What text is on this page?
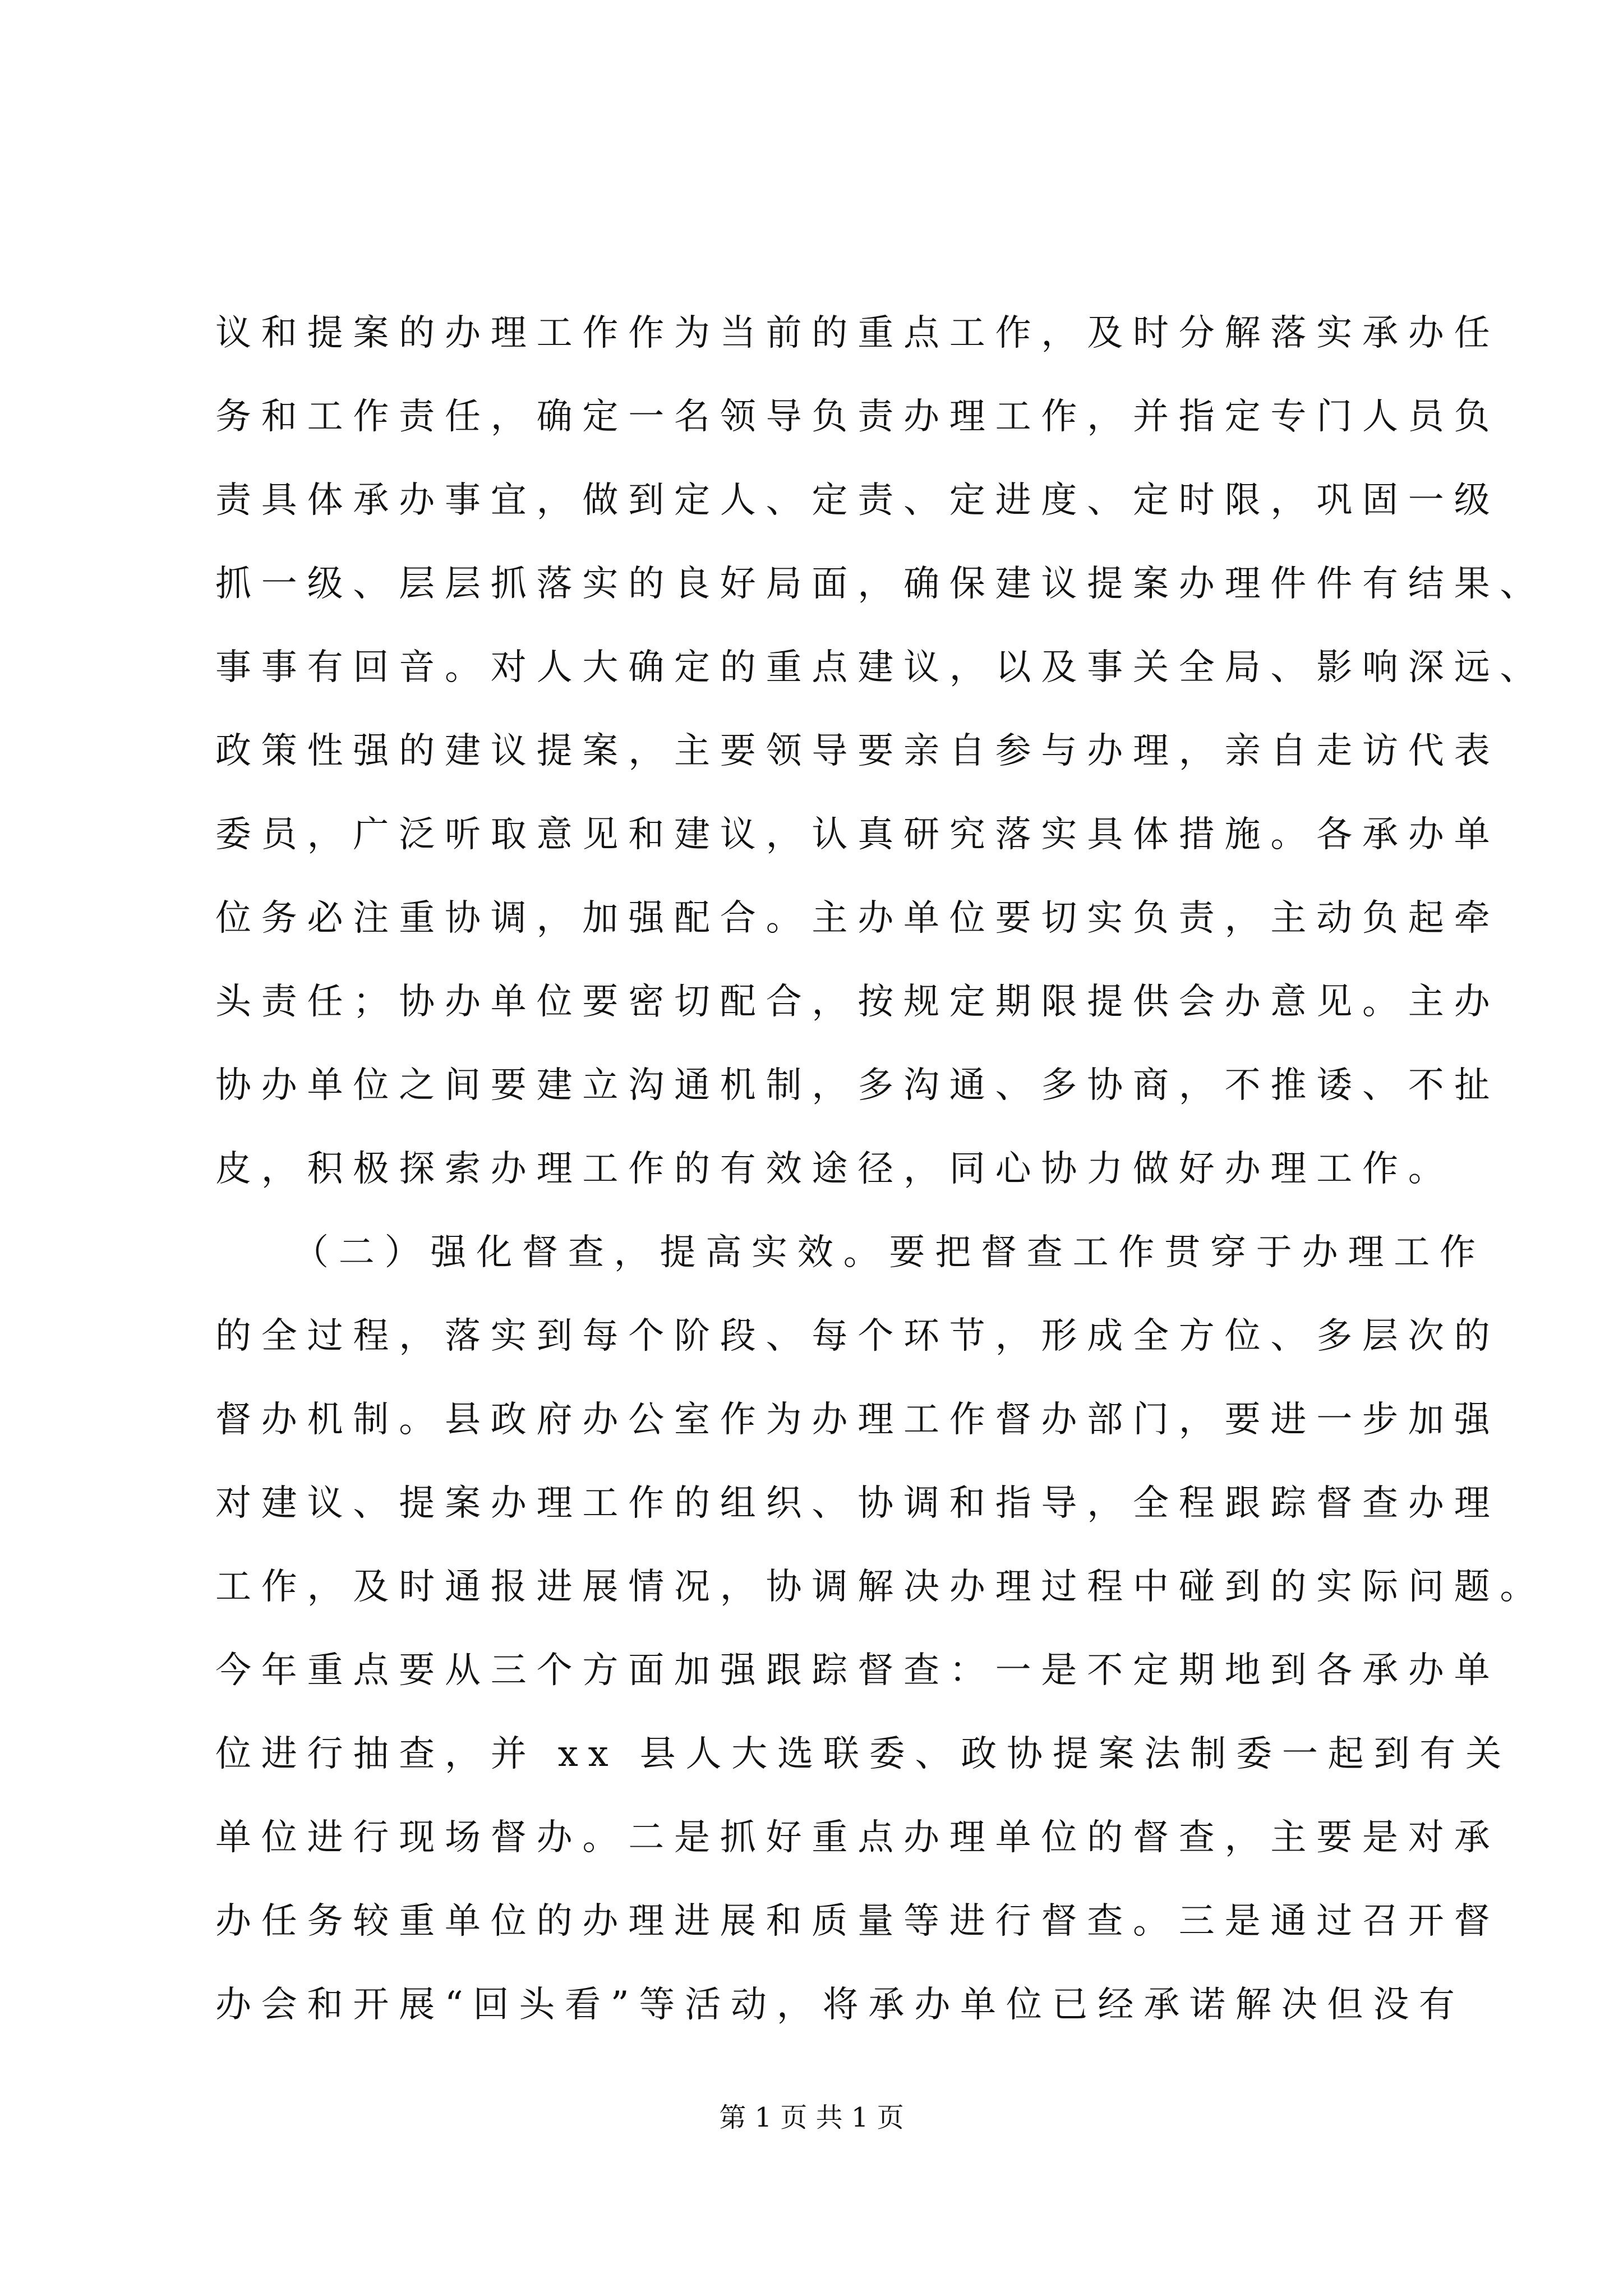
议和提案的办理工作作为当前的重点工作，及时分解落实承办任
务和工作责任，确定一名领导负责办理工作，并指定专门人员负
责具体承办事宜，做到定人、定责、定进度、定时限，巩固一级
抓一级、层层抓落实的良好局面，确保建议提案办理件件有结果、
事事有回音。对人大确定的重点建议，以及事关全局、影响深远、
政策性强的建议提案，主要领导要亲自参与办理，亲自走访代表
委员，广泛听取意见和建议，认真研究落实具体措施。各承办单
位务必注重协调，加强配合。主办单位要切实负责，主动负起牵
头责任；协办单位要密切配合，按规定期限提供会办意见。主办
协办单位之间要建立沟通机制，多沟通、多协商，不推诿、不扯
皮，积极探索办理工作的有效途径，同心协力做好办理工作。
（二）强化督查，提高实效。要把督查工作贯穿于办理工作
的全过程，落实到每个阶段、每个环节，形成全方位、多层次的
督办机制。县政府办公室作为办理工作督办部门，要进一步加强
对建议、提案办理工作的组织、协调和指导，全程跟踪督查办理
工作，及时通报进展情况，协调解决办理过程中碰到的实际问题。
今年重点要从三个方面加强跟踪督查：一是不定期地到各承办单
位进行抽查，并 xx 县人大选联委、政协提案法制委一起到有关
单位进行现场督办。二是抓好重点办理单位的督查，主要是对承
办任务较重单位的办理进展和质量等进行督查。三是通过召开督
办会和开展“回头看”等活动，将承办单位已经承诺解决但没有
第 1 页 共 1 页
